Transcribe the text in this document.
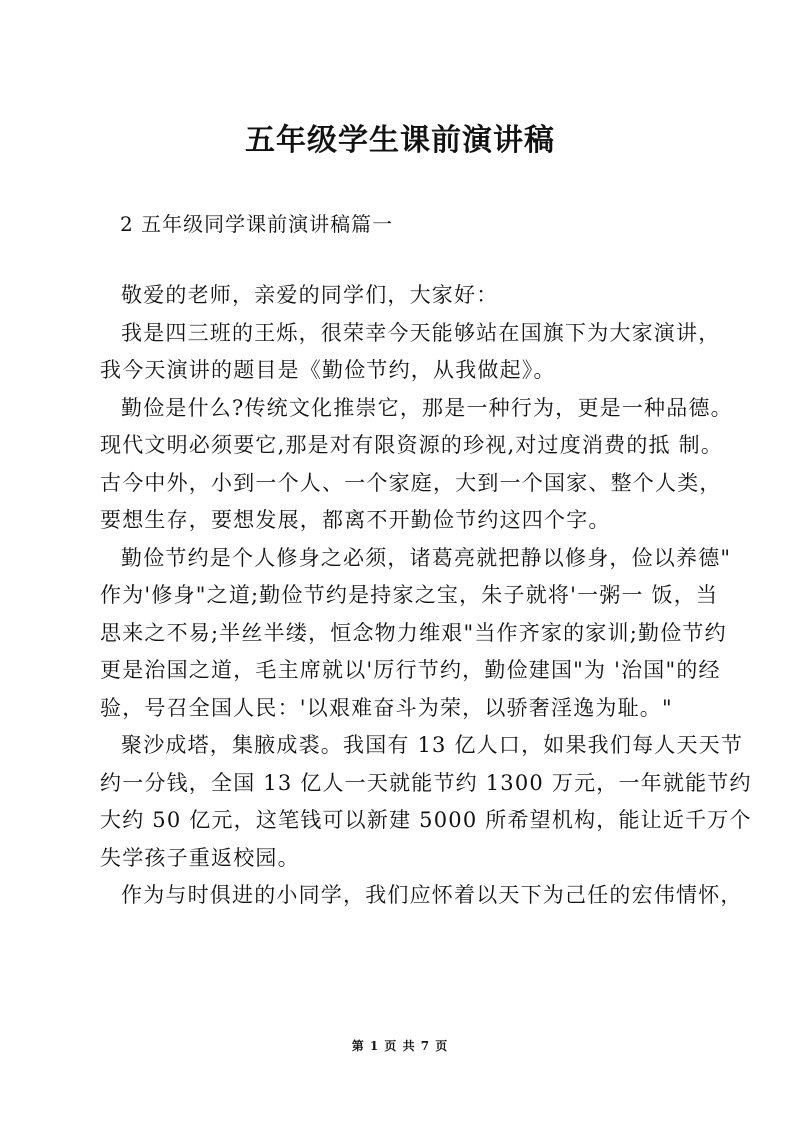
五年级学生课前演讲稿
2 五年级同学课前演讲稿篇一
敬爱的老师，亲爱的同学们，大家好：
我是四三班的王烁，很荣幸今天能够站在国旗下为大家演讲，
我今天演讲的题目是《勤俭节约，从我做起》。
勤俭是什么?传统文化推崇它，那是一种行为，更是一种品德。
现代文明必须要它,那是对有限资源的珍视,对过度消费的抵 制。
古今中外，小到一个人、一个家庭，大到一个国家、整个人类，
要想生存，要想发展，都离不开勤俭节约这四个字。
勤俭节约是个人修身之必须，诸葛亮就把静以修身，俭以养德"
作为'修身"之道;勤俭节约是持家之宝，朱子就将'一粥一 饭，当
思来之不易;半丝半缕，恒念物力维艰"当作齐家的家训;勤俭节约
更是治国之道，毛主席就以'厉行节约，勤俭建国"为 '治国"的经
验，号召全国人民：'以艰难奋斗为荣，以骄奢淫逸为耻。"
聚沙成塔，集腋成裘。我国有 13 亿人口，如果我们每人天天节
约一分钱，全国 13 亿人一天就能节约 1300 万元，一年就能节约
大约 50 亿元，这笔钱可以新建 5000 所希望机构，能让近千万个
失学孩子重返校园。
作为与时俱进的小同学，我们应怀着以天下为己任的宏伟情怀，
第 1 页 共 7 页
